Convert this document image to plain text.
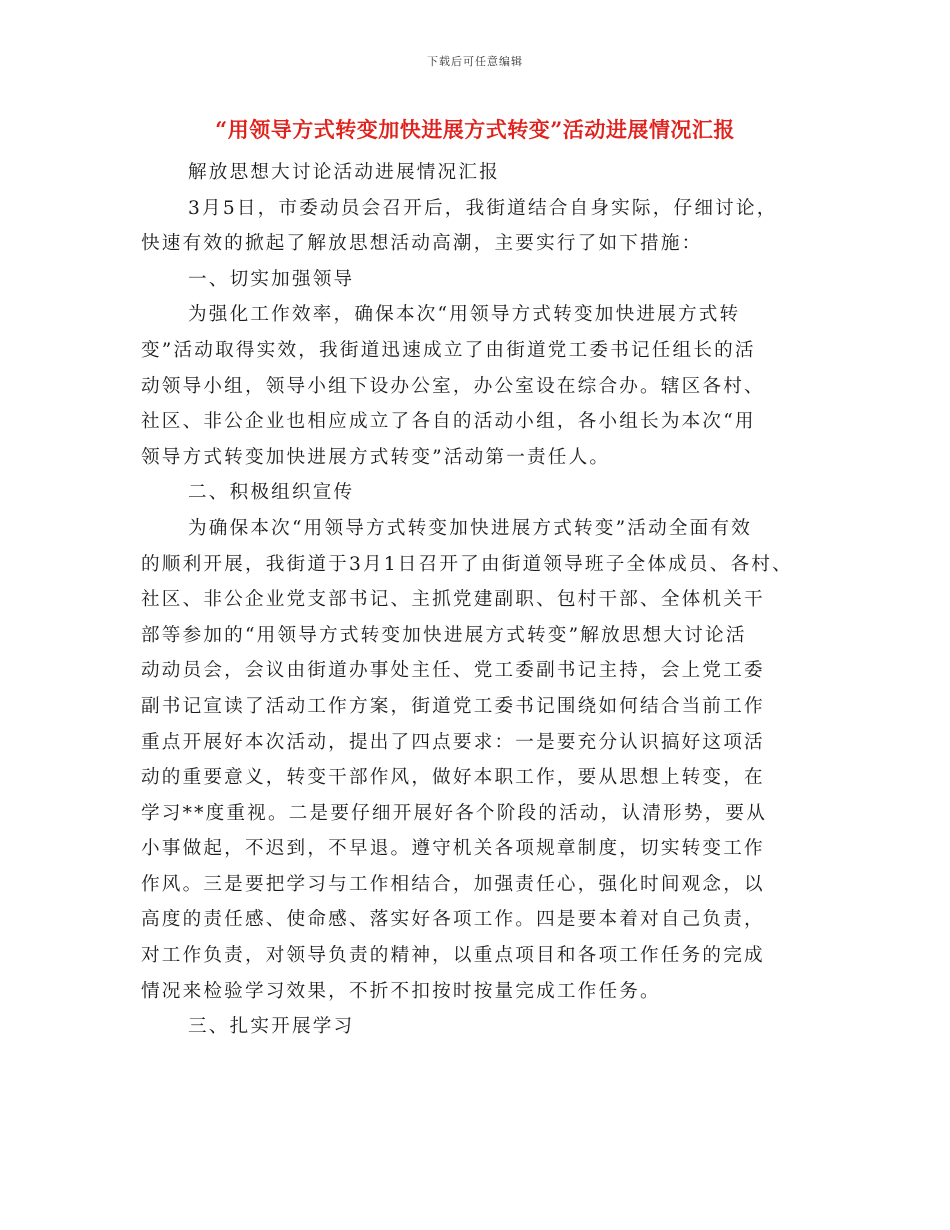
下载后可任意编辑
“用领导方式转变加快进展方式转变”活动进展情况汇报
解放思想大讨论活动进展情况汇报
3月5日，市委动员会召开后，我街道结合自身实际，仔细讨论，
快速有效的掀起了解放思想活动高潮，主要实行了如下措施：
一、切实加强领导
为强化工作效率，确保本次“用领导方式转变加快进展方式转
变”活动取得实效，我街道迅速成立了由街道党工委书记任组长的活
动领导小组，领导小组下设办公室，办公室设在综合办。辖区各村、
社区、非公企业也相应成立了各自的活动小组，各小组长为本次“用
领导方式转变加快进展方式转变”活动第一责任人。
二、积极组织宣传
为确保本次“用领导方式转变加快进展方式转变”活动全面有效
的顺利开展，我街道于3月1日召开了由街道领导班子全体成员、各村、
社区、非公企业党支部书记、主抓党建副职、包村干部、全体机关干
部等参加的“用领导方式转变加快进展方式转变”解放思想大讨论活
动动员会，会议由街道办事处主任、党工委副书记主持，会上党工委
副书记宣读了活动工作方案，街道党工委书记围绕如何结合当前工作
重点开展好本次活动，提出了四点要求：一是要充分认识搞好这项活
动的重要意义，转变干部作风，做好本职工作，要从思想上转变，在
学习**度重视。二是要仔细开展好各个阶段的活动，认清形势，要从
小事做起，不迟到，不早退。遵守机关各项规章制度，切实转变工作
作风。三是要把学习与工作相结合，加强责任心，强化时间观念，以
高度的责任感、使命感、落实好各项工作。四是要本着对自己负责，
对工作负责，对领导负责的精神，以重点项目和各项工作任务的完成
情况来检验学习效果，不折不扣按时按量完成工作任务。
三、扎实开展学习
